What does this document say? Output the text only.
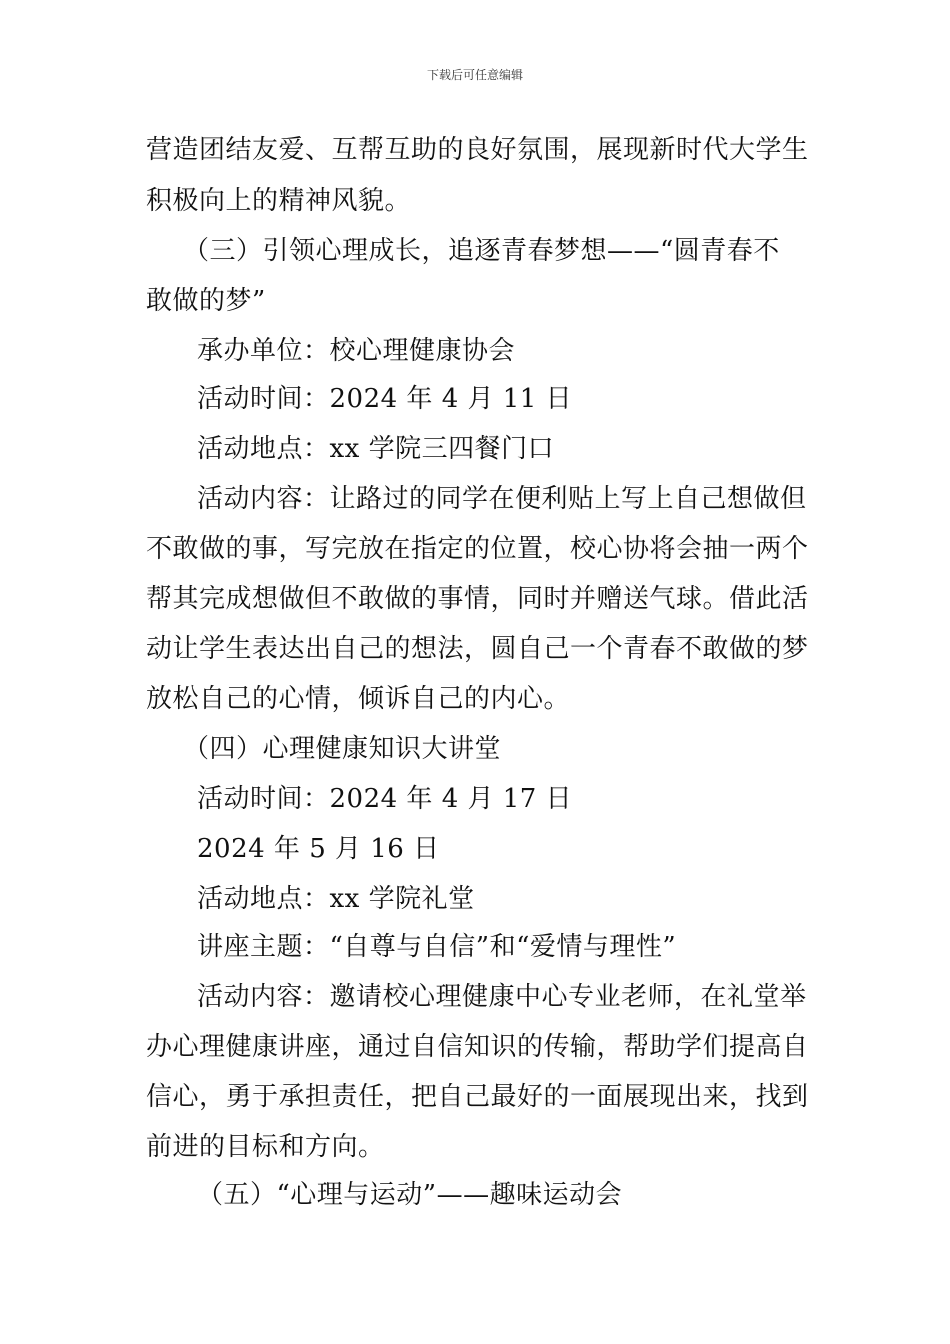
下载后可任意编辑
营造团结友爱、互帮互助的良好氛围，展现新时代大学生
积极向上的精神风貌。
（三）引领心理成长，追逐青春梦想——“圆青春不
敢做的梦”
承办单位：校心理健康协会
活动时间：2024 年 4 月 11 日
活动地点：xx 学院三四餐门口
活动内容：让路过的同学在便利贴上写上自己想做但
不敢做的事，写完放在指定的位置，校心协将会抽一两个
帮其完成想做但不敢做的事情，同时并赠送气球。借此活
动让学生表达出自己的想法，圆自己一个青春不敢做的梦
放松自己的心情，倾诉自己的内心。
（四）心理健康知识大讲堂
活动时间：2024 年 4 月 17 日
2024 年 5 月 16 日
活动地点：xx 学院礼堂
讲座主题：“自尊与自信”和“爱情与理性”
活动内容：邀请校心理健康中心专业老师，在礼堂举
办心理健康讲座，通过自信知识的传输，帮助学们提高自
信心，勇于承担责任，把自己最好的一面展现出来，找到
前进的目标和方向。
（五）“心理与运动”——趣味运动会
